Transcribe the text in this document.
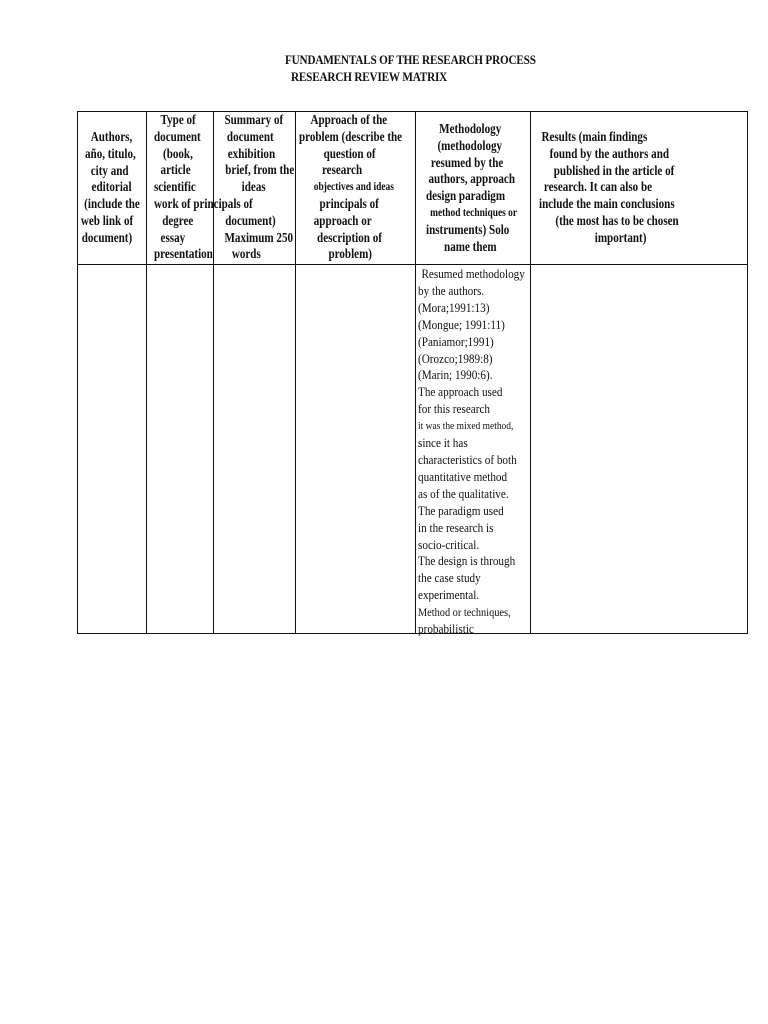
FUNDAMENTALS OF THE RESEARCH PROCESS
RESEARCH REVIEW MATRIX
Authors,
año, titulo,
city and
editorial
(include the
web link of
document)
Type of
document
(book,
article
scientific
work of principals of
degree
essay
presentation
Summary of
document
exhibition
brief, from the
ideas

document)
Maximum 250
words
Approach of the
problem (describe the
question of
research
objectives and ideas
principals of
approach or
description of
problem)
Methodology
(methodology
resumed by the
authors, approach
design paradigm
method techniques or
instruments) Solo
name them
Results (main findings
found by the authors and
published in the article of
research. It can also be
include the main conclusions
(the most has to be chosen
important)
Resumed methodology
by the authors.
(Mora;1991:13)
(Mongue; 1991:11)
(Paniamor;1991)
(Orozco;1989:8)
(Marin; 1990:6).
The approach used
for this research
it was the mixed method,
since it has
characteristics of both
quantitative method
as of the qualitative.
The paradigm used
in the research is
socio-critical.
The design is through
the case study
experimental.
Method or techniques,
probabilistic
